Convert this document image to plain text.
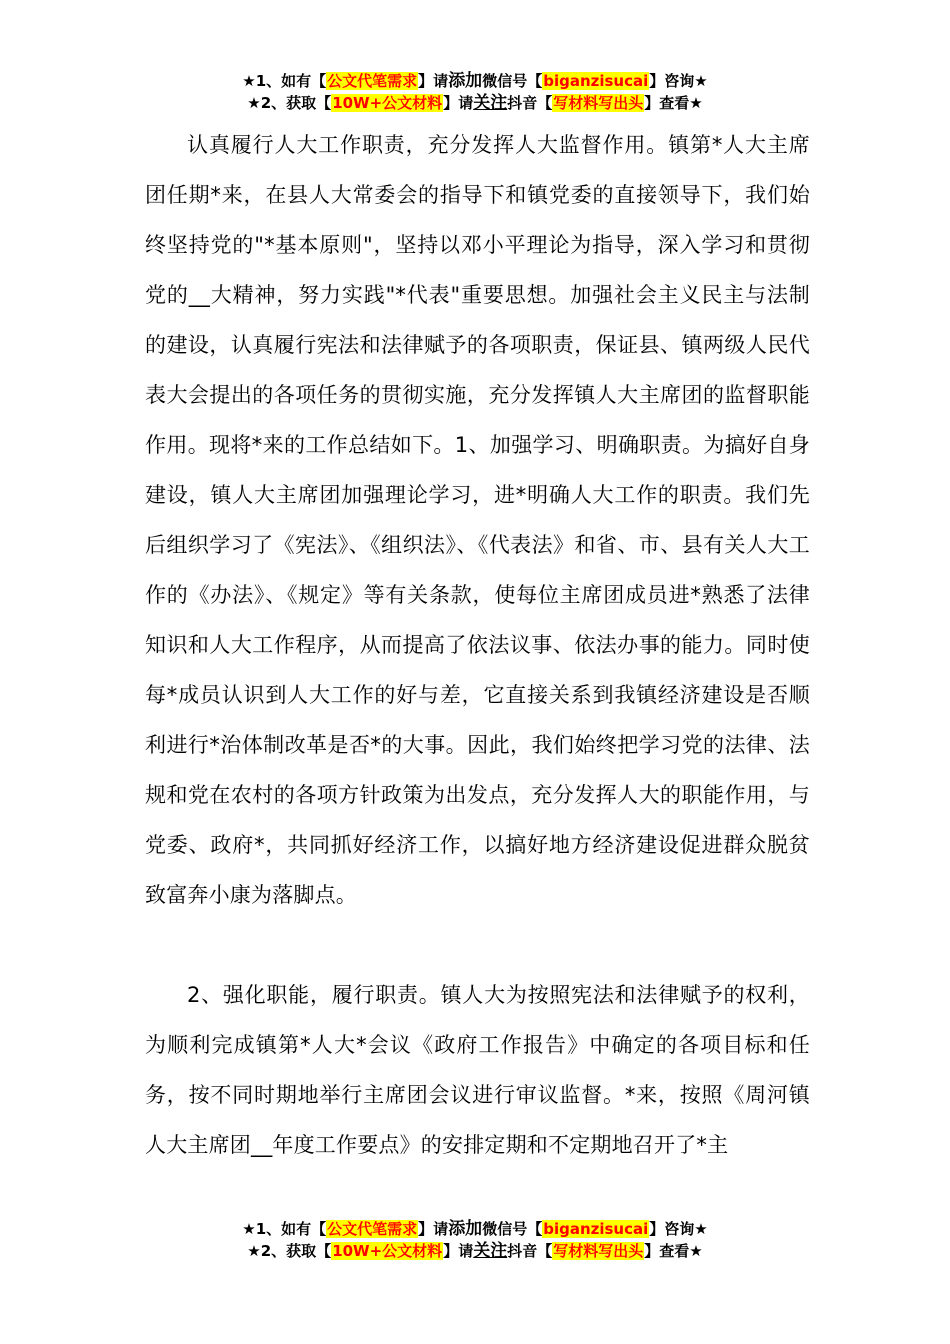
★1、如有【公文代笔需求】请添加微信号【biganzisucai】咨询★
★2、获取【10W+公文材料】请关注抖音【写材料写出头】查看★

认真履行人大工作职责，充分发挥人大监督作用。镇第*人大主席团任期*来，在县人大常委会的指导下和镇党委的直接领导下，我们始终坚持党的"*基本原则"，坚持以邓小平理论为指导，深入学习和贯彻党的__大精神，努力实践"*代表"重要思想。加强社会主义民主与法制的建设，认真履行宪法和法律赋予的各项职责，保证县、镇两级人民代表大会提出的各项任务的贯彻实施，充分发挥镇人大主席团的监督职能作用。现将*来的工作总结如下。1、加强学习、明确职责。为搞好自身建设，镇人大主席团加强理论学习，进*明确人大工作的职责。我们先后组织学习了《宪法》、《组织法》、《代表法》和省、市、县有关人大工作的《办法》、《规定》等有关条款，使每位主席团成员进*熟悉了法律知识和人大工作程序，从而提高了依法议事、依法办事的能力。同时使每*成员认识到人大工作的好与差，它直接关系到我镇经济建设是否顺利进行*治体制改革是否*的大事。因此，我们始终把学习党的法律、法规和党在农村的各项方针政策为出发点，充分发挥人大的职能作用，与党委、政府*，共同抓好经济工作，以搞好地方经济建设促进群众脱贫致富奔小康为落脚点。

2、强化职能，履行职责。镇人大为按照宪法和法律赋予的权利，为顺利完成镇第*人大*会议《政府工作报告》中确定的各项目标和任务，按不同时期地举行主席团会议进行审议监督。*来，按照《周河镇人大主席团__年度工作要点》的安排定期和不定期地召开了*主

★1、如有【公文代笔需求】请添加微信号【biganzisucai】咨询★
★2、获取【10W+公文材料】请关注抖音【写材料写出头】查看★
